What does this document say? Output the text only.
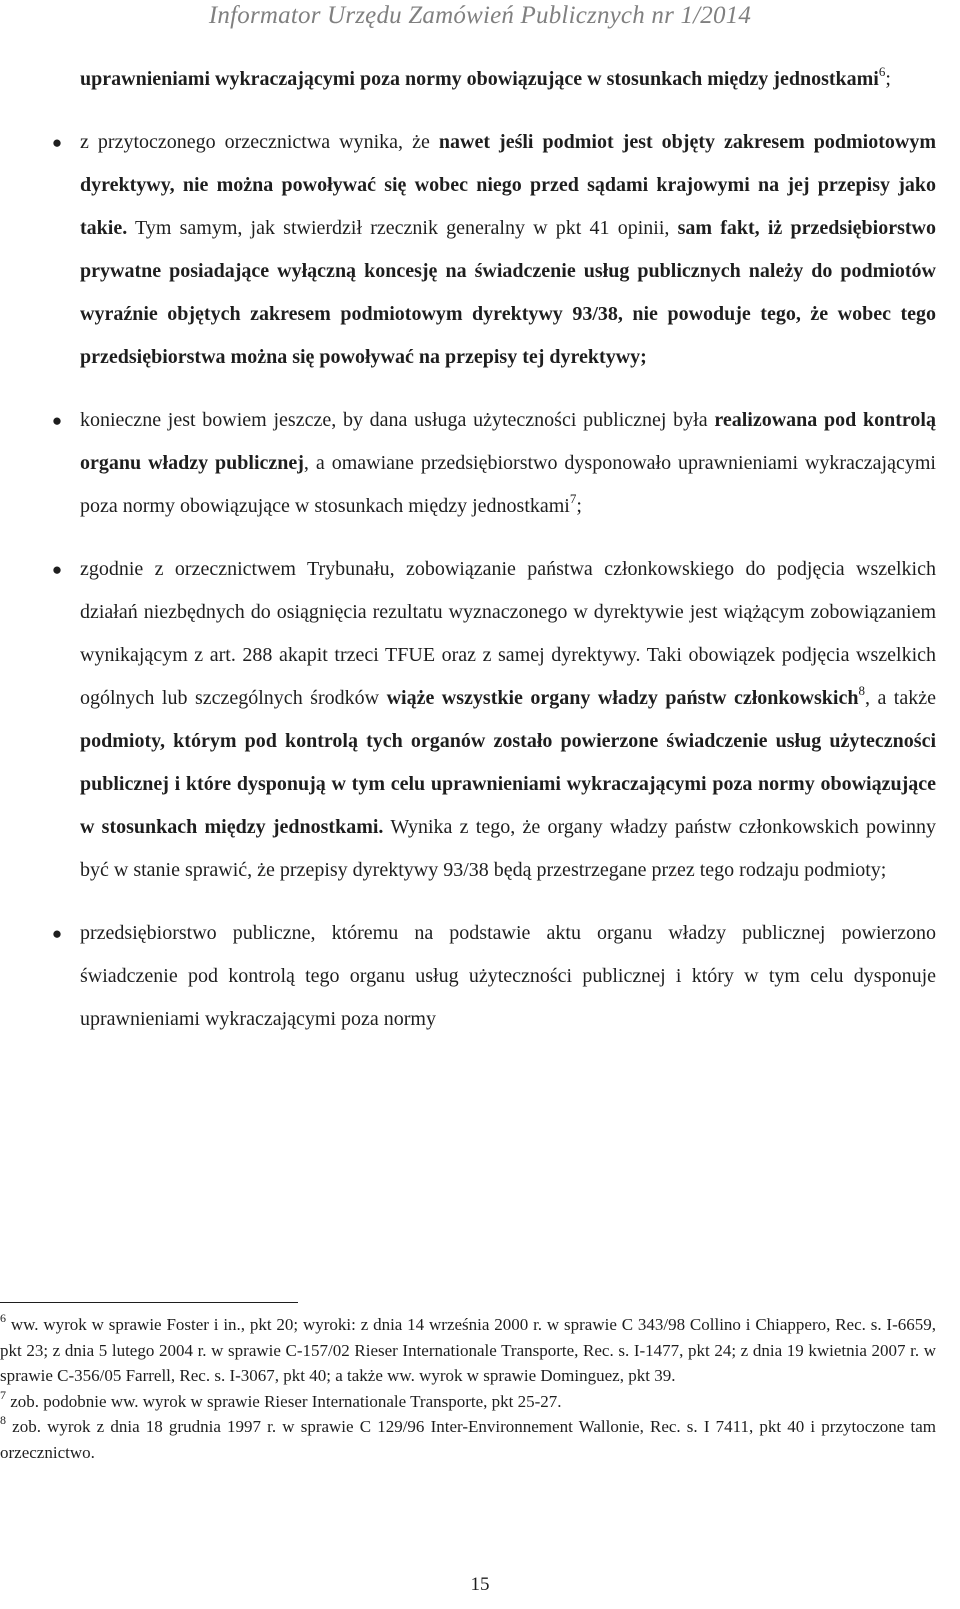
Informator Urzędu Zamówień Publicznych nr 1/2014

uprawnieniami wykraczającymi poza normy obowiązujące w stosunkach między jednostkami$^6$;

● z przytoczonego orzecznictwa wynika, że nawet jeśli podmiot jest objęty zakresem podmiotowym dyrektywy, nie można powoływać się wobec niego przed sądami krajowymi na jej przepisy jako takie. Tym samym, jak stwierdził rzecznik generalny w pkt 41 opinii, sam fakt, iż przedsiębiorstwo prywatne posiadające wyłączną koncesję na świadczenie usług publicznych należy do podmiotów wyraźnie objętych zakresem podmiotowym dyrektywy 93/38, nie powoduje tego, że wobec tego przedsiębiorstwa można się powoływać na przepisy tej dyrektywy;

● konieczne jest bowiem jeszcze, by dana usługa użyteczności publicznej była realizowana pod kontrolą organu władzy publicznej, a omawiane przedsiębiorstwo dysponowało uprawnieniami wykraczającymi poza normy obowiązujące w stosunkach między jednostkami$^7$;

● zgodnie z orzecznictwem Trybunału, zobowiązanie państwa członkowskiego do podjęcia wszelkich działań niezbędnych do osiągnięcia rezultatu wyznaczonego w dyrektywie jest wiążącym zobowiązaniem wynikającym z art. 288 akapit trzeci TFUE oraz z samej dyrektywy. Taki obowiązek podjęcia wszelkich ogólnych lub szczególnych środków wiąże wszystkie organy władzy państw członkowskich$^8$, a także podmioty, którym pod kontrolą tych organów zostało powierzone świadczenie usług użyteczności publicznej i które dysponują w tym celu uprawnieniami wykraczającymi poza normy obowiązujące w stosunkach między jednostkami. Wynika z tego, że organy władzy państw członkowskich powinny być w stanie sprawić, że przepisy dyrektywy 93/38 będą przestrzegane przez tego rodzaju podmioty;

● przedsiębiorstwo publiczne, któremu na podstawie aktu organu władzy publicznej powierzono świadczenie pod kontrolą tego organu usług użyteczności publicznej i który w tym celu dysponuje uprawnieniami wykraczającymi poza normy

$^6$ ww. wyrok w sprawie Foster i in., pkt 20; wyroki: z dnia 14 września 2000 r. w sprawie C 343/98 Collino i Chiappero, Rec. s. I-6659, pkt 23; z dnia 5 lutego 2004 r. w sprawie C-157/02 Rieser Internationale Transporte, Rec. s. I-1477, pkt 24; z dnia 19 kwietnia 2007 r. w sprawie C-356/05 Farrell, Rec. s. I-3067, pkt 40; a także ww. wyrok w sprawie Dominguez, pkt 39.

$^7$ zob. podobnie ww. wyrok w sprawie Rieser Internationale Transporte, pkt 25-27.

$^8$ zob. wyrok z dnia 18 grudnia 1997 r. w sprawie C 129/96 Inter-Environnement Wallonie, Rec. s. I 7411, pkt 40 i przytoczone tam orzecznictwo.

15
